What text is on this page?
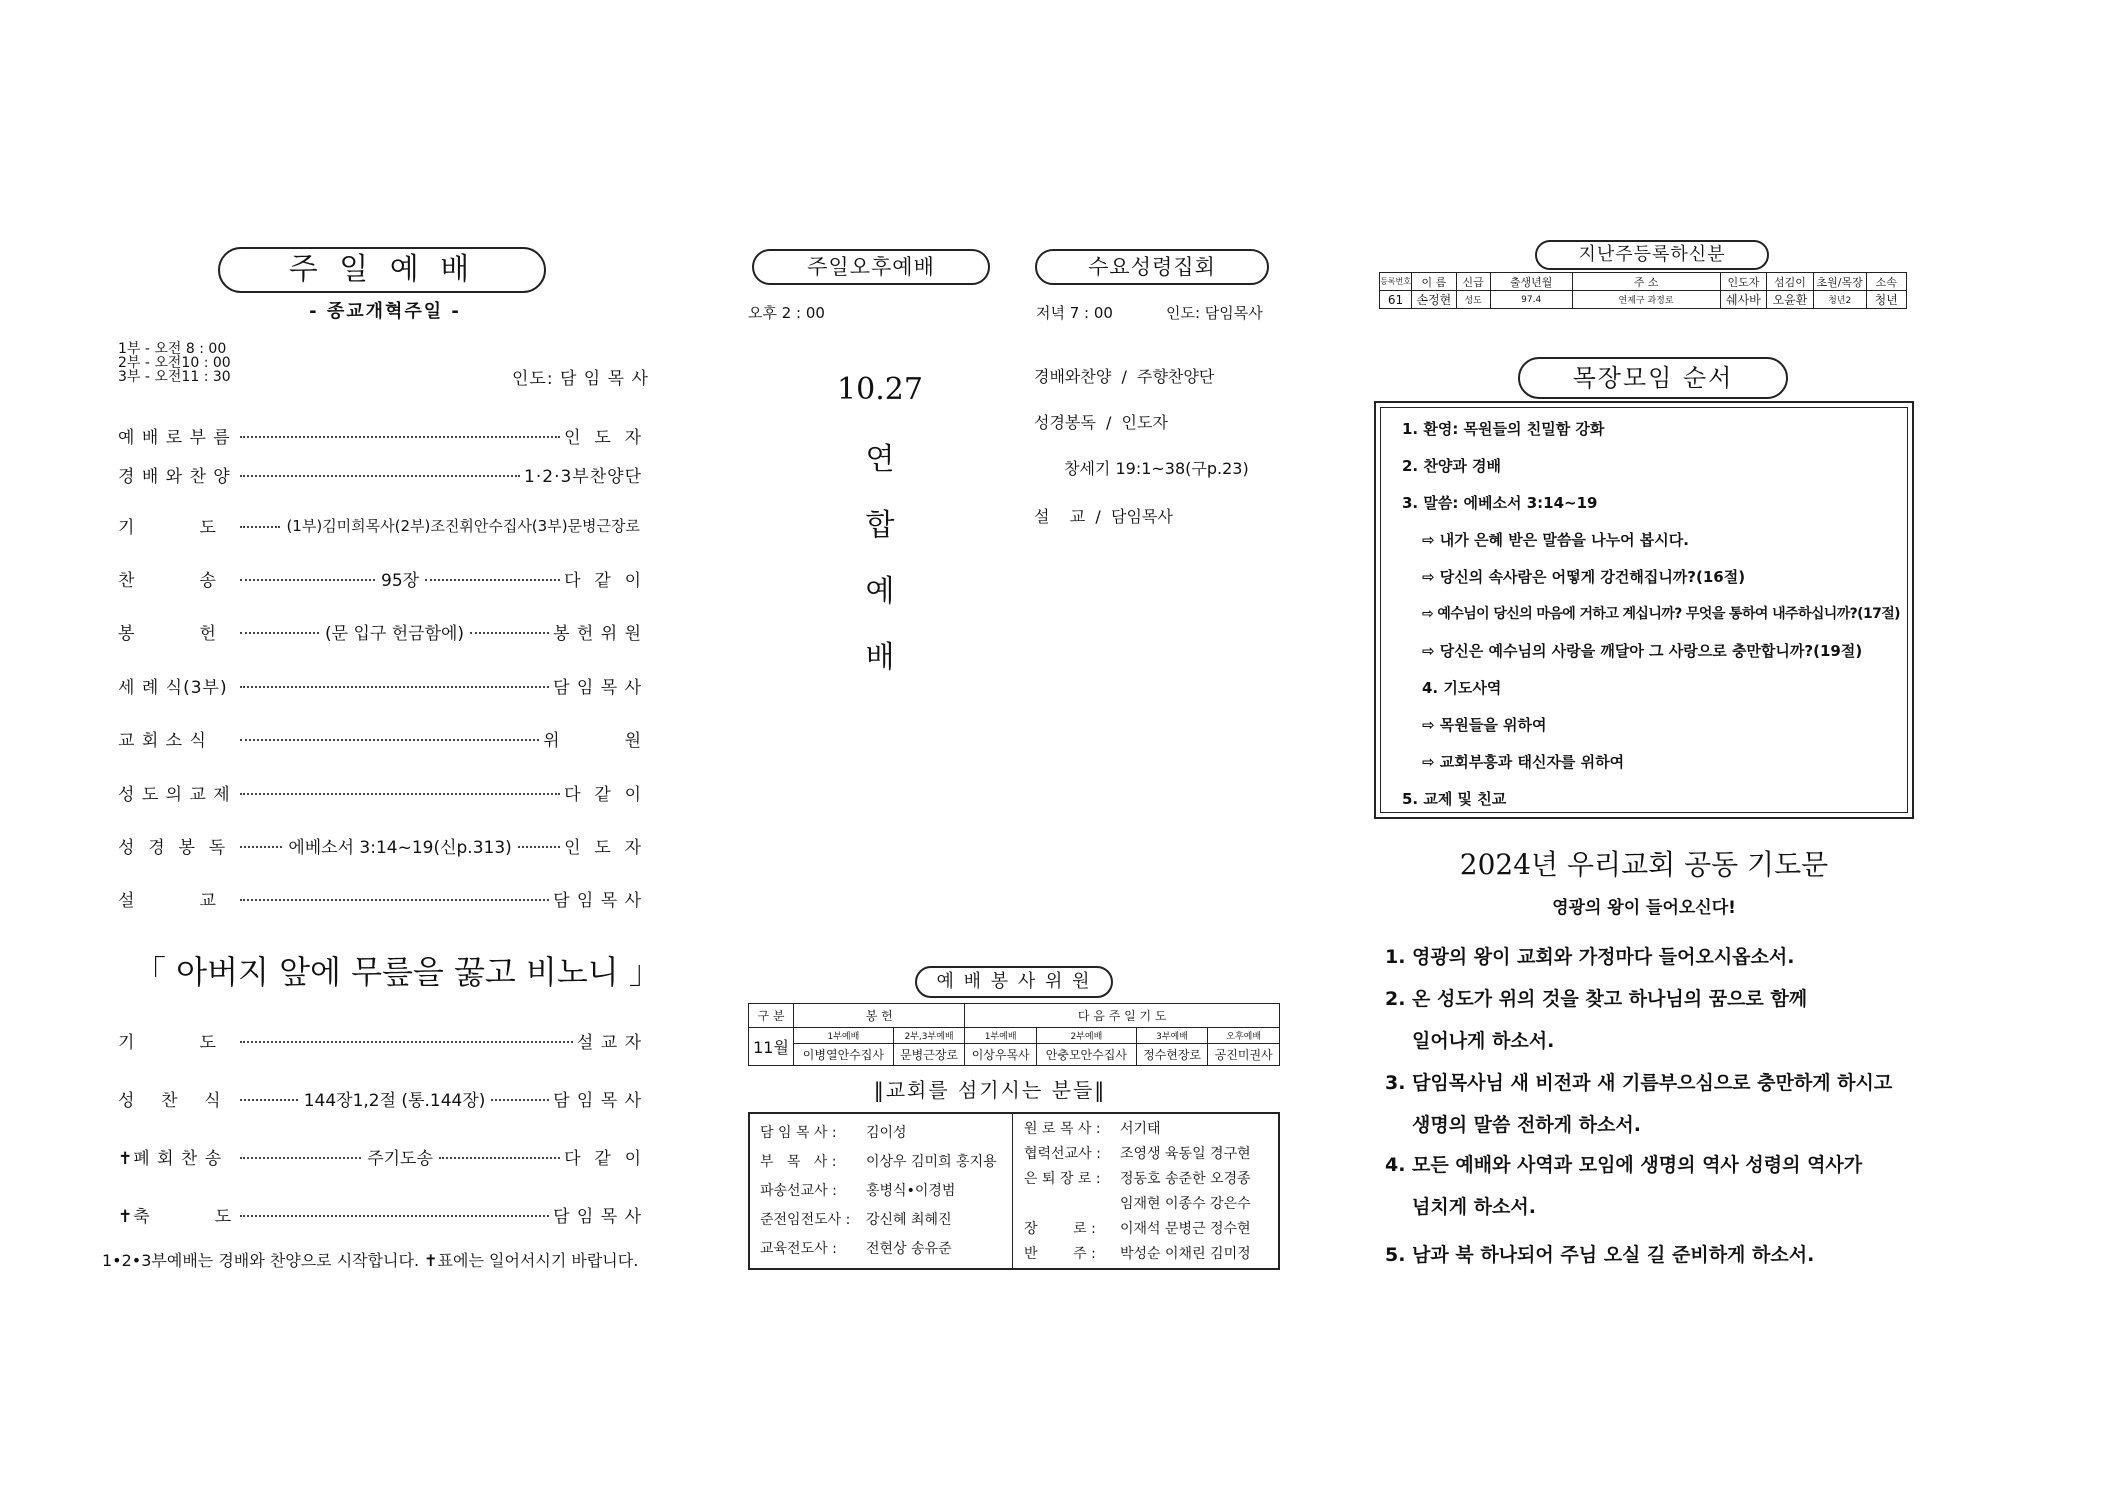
주 일 예 배
- 종교개혁주일 -
1부 - 오전 8 : 00
2부 - 오전10 : 00
3부 - 오전11 : 30	인도: 담 임 목 사
예 배 로 부 름	인  도  자
경 배 와 찬 양	1·2·3부찬양단
기          도	(1부)김미희목사(2부)조진휘안수집사(3부)문병근장로
찬          송	95장	다  같  이
봉          헌	(문 입구 헌금함에)	봉 헌 위 원
세 례 식(3부)	담 임 목 사
교 회 소 식	위          원
성 도 의 교 제	다  같  이
성  경  봉  독	에베소서 3:14~19(신p.313)	인  도  자
설          교	담 임 목 사
「 아버지 앞에 무릎을 꿇고 비노니 」
기          도	설 교 자
성    찬    식	144장1,2절 (통.144장)	담 임 목 사
✝폐 회 찬 송	주기도송	다  같  이
✝축          도	담 임 목 사
1•2•3부예배는 경배와 찬양으로 시작합니다. ✝표에는 일어서시기 바랍니다.
주일오후예배
오후 2 : 00
10.27
연
합
예
배
수요성령집회
저녁 7 : 00	인도: 담임목사
경배와찬양  /  주향찬양단
성경봉독  /  인도자
창세기 19:1~38(구p.23)
설    교  /  담임목사
예 배 봉 사 위 원
구 분	봉 헌		다 음 주 일 기 도			
11월	1부예배	2부,3부예배	1부예배	2부예배	3부예배	오후예배
	이병열안수집사	문병근장로	이상우목사	안충모안수집사	정수현장로	공진미권사
‖교회를 섬기시는 분들‖
담 임 목 사 : 김이성
부   목   사 : 이상우 김미희 홍지용
파송선교사 : 홍병식•이경범
준전임전도사 : 강신혜 최혜진
교육전도사 : 전현상 송유준
원 로 목 사 : 서기태
협력선교사 : 조영생 육동일 경구현
은 퇴 장 로 : 정동호 송준한 오경종
임재현 이종수 강은수
장        로 : 이재석 문병근 정수현
반        주 : 박성순 이채린 김미정
지난주등록하신분
등록번호	이 름	신급	출생년월	주 소	인도자	섬김이	초원/목장	소속
61	손정현	성도	97.4	연제구 과정로	쉐사바	오윤환	청년2	청년
목장모임 순서
1. 환영: 목원들의 친밀함 강화
2. 찬양과 경배
3. 말씀: 에베소서 3:14~19
⇨ 내가 은혜 받은 말씀을 나누어 봅시다.
⇨ 당신의 속사람은 어떻게 강건해집니까?(16절)
⇨ 예수님이 당신의 마음에 거하고 계십니까? 무엇을 통하여 내주하십니까?(17절)
⇨ 당신은 예수님의 사랑을 깨달아 그 사랑으로 충만합니까?(19절)
4. 기도사역
⇨ 목원들을 위하여
⇨ 교회부흥과 태신자를 위하여
5. 교제 및 친교
2024년 우리교회 공동 기도문
영광의 왕이 들어오신다!
1. 영광의 왕이 교회와 가정마다 들어오시옵소서.
2. 온 성도가 위의 것을 찾고 하나님의 꿈으로 함께
일어나게 하소서.
3. 담임목사님 새 비전과 새 기름부으심으로 충만하게 하시고
생명의 말씀 전하게 하소서.
4. 모든 예배와 사역과 모임에 생명의 역사 성령의 역사가
넘치게 하소서.
5. 남과 북 하나되어 주님 오실 길 준비하게 하소서.
